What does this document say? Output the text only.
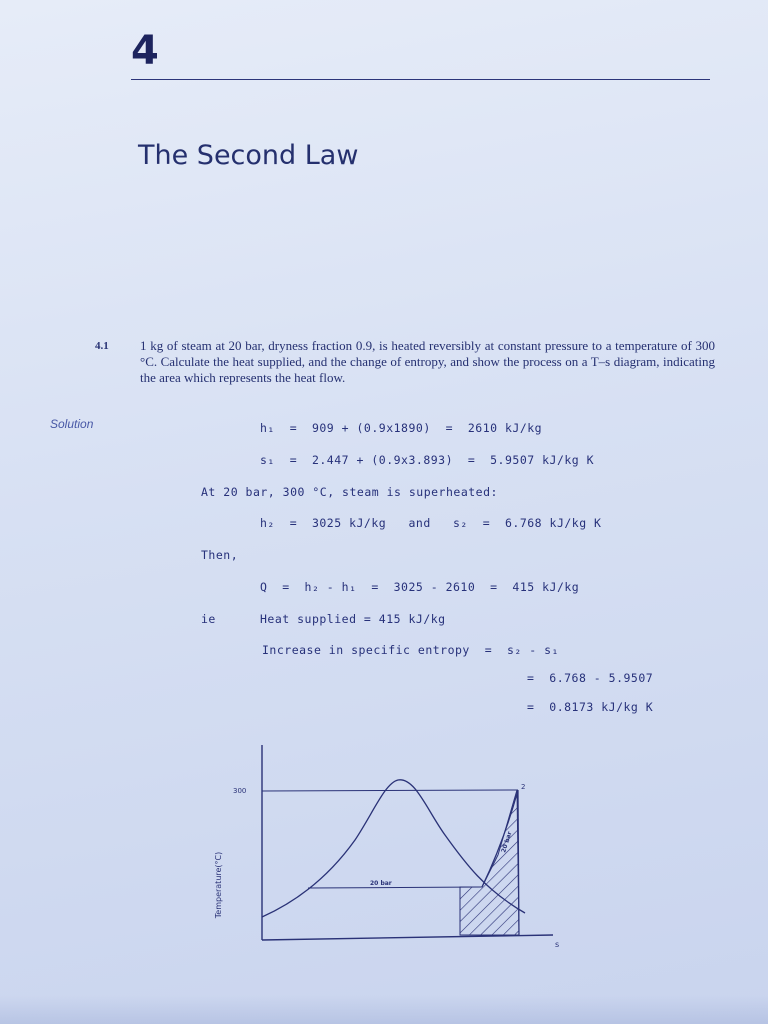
4
The Second Law
4.1 1 kg of steam at 20 bar, dryness fraction 0.9, is heated reversibly at constant pressure to a temperature of 300 °C. Calculate the heat supplied, and the change of entropy, and show the process on a T–s diagram, indicating the area which represents the heat flow.
Solution	h₁  =  909 + (0.9x1890)  =  2610 kJ/kg
s₁  =  2.447 + (0.9x3.893)  =  5.9507 kJ/kg K
At 20 bar, 300 °C, steam is superheated:
h₂  =  3025 kJ/kg   and   s₂  =  6.768 kJ/kg K
Then,
Q  =  h₂ - h₁  =  3025 - 2610  =  415 kJ/kg
ie	Heat supplied = 415 kJ/kg
Increase in specific entropy  =  s₂ - s₁
=  6.768 - 5.9507
=  0.8173 kJ/kg K
Temperature(°C)
s
300
20 bar
20 bar
2
